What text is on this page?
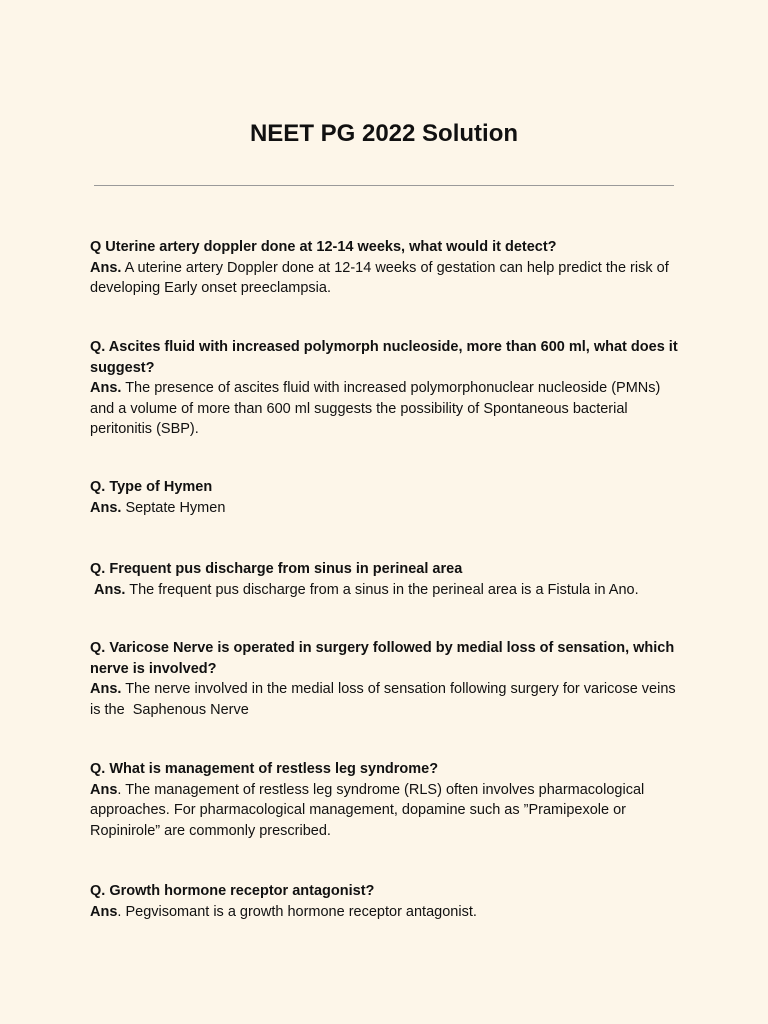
NEET PG 2022 Solution

Q Uterine artery doppler done at 12-14 weeks, what would it detect?

Ans. A uterine artery Doppler done at 12-14 weeks of gestation can help predict the risk of developing Early onset preeclampsia.

Q. Ascites fluid with increased polymorph nucleoside, more than 600 ml, what does it suggest?

Ans. The presence of ascites fluid with increased polymorphonuclear nucleoside (PMNs) and a volume of more than 600 ml suggests the possibility of Spontaneous bacterial peritonitis (SBP).

Q. Type of Hymen

Ans. Septate Hymen

Q. Frequent pus discharge from sinus in perineal area

Ans. The frequent pus discharge from a sinus in the perineal area is a Fistula in Ano.

Q. Varicose Nerve is operated in surgery followed by medial loss of sensation, which nerve is involved?

Ans. The nerve involved in the medial loss of sensation following surgery for varicose veins is the  Saphenous Nerve

Q. What is management of restless leg syndrome?

Ans. The management of restless leg syndrome (RLS) often involves pharmacological approaches. For pharmacological management, dopamine such as ”Pramipexole or Ropinirole” are commonly prescribed.

Q. Growth hormone receptor antagonist?

Ans. Pegvisomant is a growth hormone receptor antagonist.
